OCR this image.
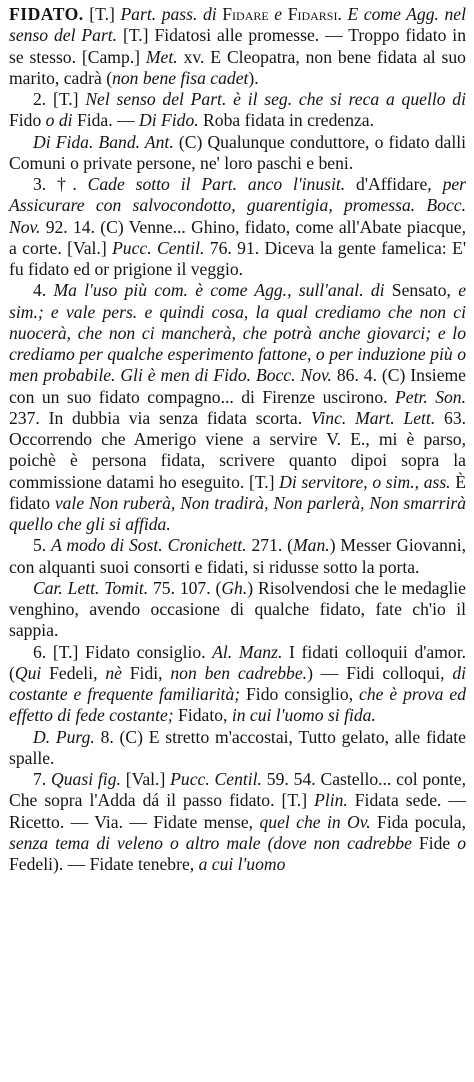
FIDATO. [T.] Part. pass. di Fidare e Fidarsi. E come Agg. nel senso del Part. [T.] Fidatosi alle promesse. — Troppo fidato in se stesso. [Camp.] Met. xv. E Cleopatra, non bene fidata al suo marito, cadrà (non bene fisa cadet).

2. [T.] Nel senso del Part. è il seg. che si reca a quello di Fido o di Fida. — Di Fido. Roba fidata in credenza.

Di Fida. Band. Ant. (C) Qualunque conduttore, o fidato dalli Comuni o private persone, ne' loro paschi e beni.

3. †. Cade sotto il Part. anco l'inusit. d'Affidare, per Assicurare con salvocondotto, guarentigia, promessa. Bocc. Nov. 92. 14. (C) Venne... Ghino, fidato, come all'Abate piacque, a corte. [Val.] Pucc. Centil. 76. 91. Diceva la gente famelica: E' fu fidato ed or prigione il veggio.

4. Ma l'uso più com. è come Agg., sull'anal. di Sensato, e sim.; e vale pers. e quindi cosa, la qual crediamo che non ci nuocerà, che non ci mancherà, che potrà anche giovarci; e lo crediamo per qualche esperimento fattone, o per induzione più o men probabile. Gli è men di Fido. Bocc. Nov. 86. 4. (C) Insieme con un suo fidato compagno... di Firenze uscirono. Petr. Son. 237. In dubbia via senza fidata scorta. Vinc. Mart. Lett. 63. Occorrendo che Amerigo viene a servire V. E., mi è parso, poichè è persona fidata, scrivere quanto dipoi sopra la commissione datami ho eseguito. [T.] Di servitore, o sim., ass. È fidato vale Non ruberà, Non tradirà, Non parlerà, Non smarrirà quello che gli si affida.

5. A modo di Sost. Cronichett. 271. (Man.) Messer Giovanni, con alquanti suoi consorti e fidati, si ridusse sotto la porta.

Car. Lett. Tomit. 75. 107. (Gh.) Risolvendosi che le medaglie venghino, avendo occasione di qualche fidato, fate ch'io il sappia.

6. [T.] Fidato consiglio. Al. Manz. I fidati colloquii d'amor. (Qui Fedeli, nè Fidi, non ben cadrebbe.) — Fidi colloqui, di costante e frequente familiarità; Fido consiglio, che è prova ed effetto di fede costante; Fidato, in cui l'uomo si fida.

D. Purg. 8. (C) E stretto m'accostai, Tutto gelato, alle fidate spalle.

7. Quasi fig. [Val.] Pucc. Centil. 59. 54. Castello... col ponte, Che sopra l'Adda dá il passo fidato. [T.] Plin. Fidata sede. — Ricetto. — Via. — Fidate mense, quel che in Ov. Fida pocula, senza tema di veleno o altro male (dove non cadrebbe Fide o Fedeli). — Fidate tenebre, a cui l'uomo
